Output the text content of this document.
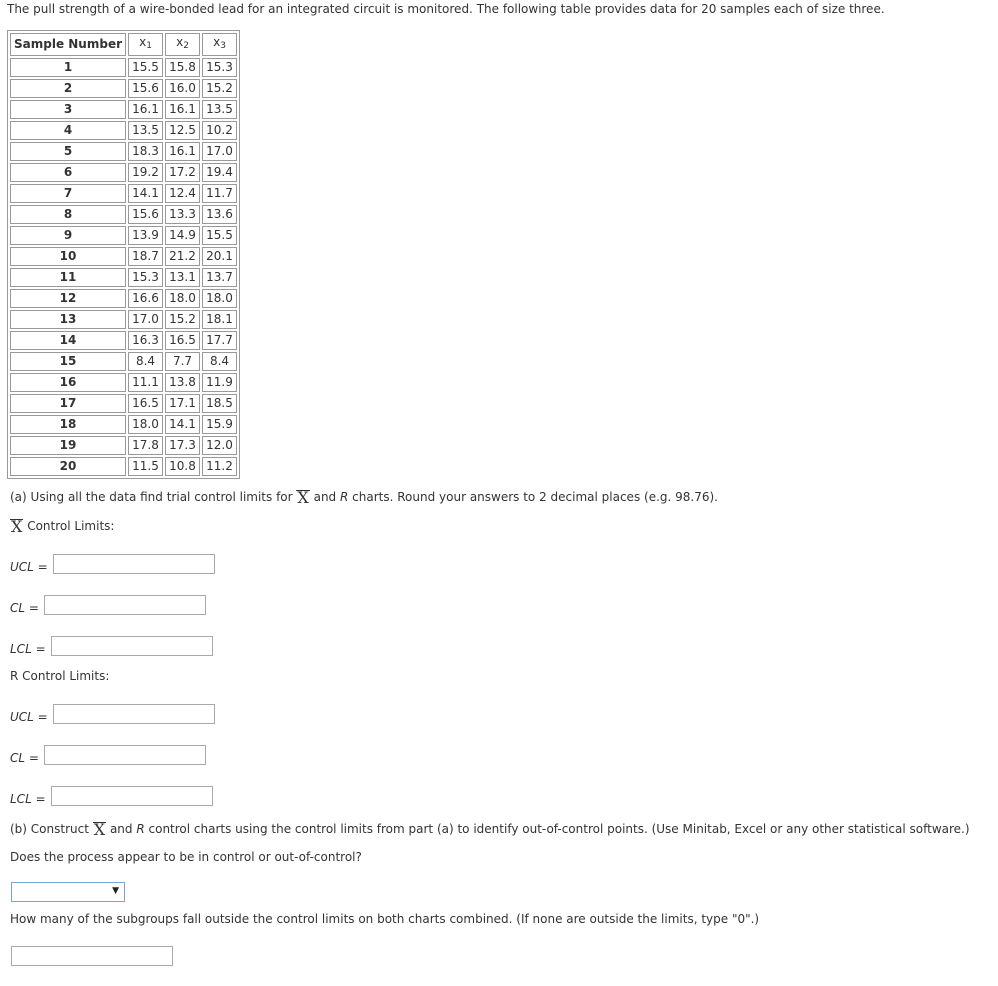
The pull strength of a wire-bonded lead for an integrated circuit is monitored. The following table provides data for 20 samples each of size three.
Sample Number	$x_1$	$x_2$	$x_3$
1	15.5	15.8	15.3
2	15.6	16.0	15.2
3	16.1	16.1	13.5
4	13.5	12.5	10.2
5	18.3	16.1	17.0
6	19.2	17.2	19.4
7	14.1	12.4	11.7
8	15.6	13.3	13.6
9	13.9	14.9	15.5
10	18.7	21.2	20.1
11	15.3	13.1	13.7
12	16.6	18.0	18.0
13	17.0	15.2	18.1
14	16.3	16.5	17.7
15	8.4	7.7	8.4
16	11.1	13.8	11.9
17	16.5	17.1	18.5
18	18.0	14.1	15.9
19	17.8	17.3	12.0
20	11.5	10.8	11.2
(a) Using all the data find trial control limits for X and R charts. Round your answers to 2 decimal places (e.g. 98.76).
X Control Limits:
UCL =
CL =
LCL =
R Control Limits:
UCL =
CL =
LCL =
(b) Construct X and R control charts using the control limits from part (a) to identify out-of-control points. (Use Minitab, Excel or any other statistical software.)
Does the process appear to be in control or out-of-control?
▼
How many of the subgroups fall outside the control limits on both charts combined. (If none are outside the limits, type "0".)
